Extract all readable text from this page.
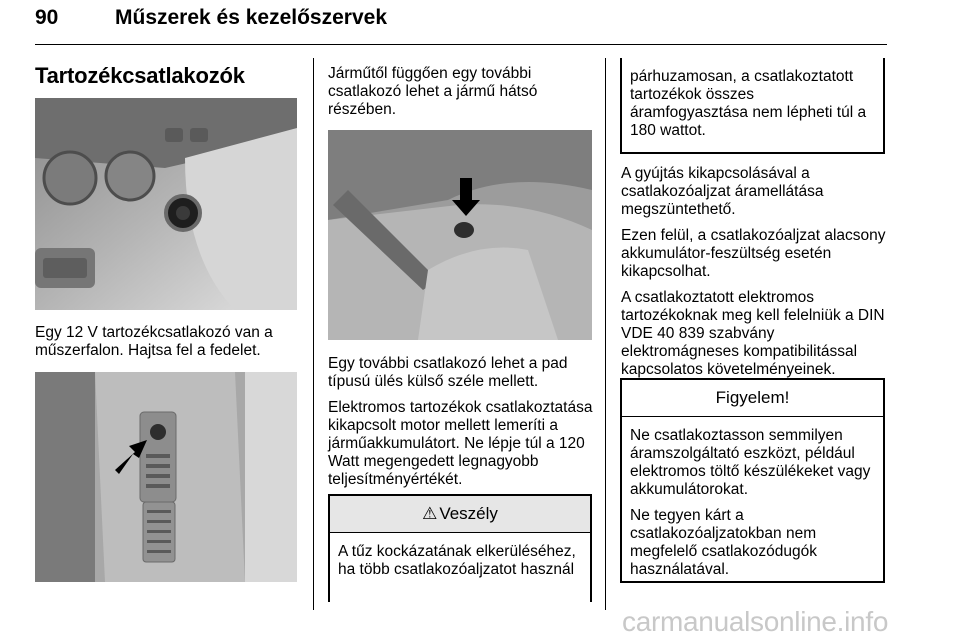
90	Műszerek és kezelőszervek
Tartozékcsatlakozók

Egy 12 V tartozékcsatlakozó van a műszerfalon. Hajtsa fel a fedelet.

Járműtől függően egy további csatlakozó lehet a jármű hátsó részében.

Egy további csatlakozó lehet a pad típusú ülés külső széle mellett.

Elektromos tartozékok csatlakoztatása kikapcsolt motor mellett lemeríti a járműakkumulátort. Ne lépje túl a 120 Watt megengedett legnagyobb teljesítményértékét.

⚠ Veszély

A tűz kockázatának elkerüléséhez, ha több csatlakozóaljzatot használ

párhuzamosan, a csatlakoztatott tartozékok összes áramfogyasztása nem lépheti túl a 180 wattot.

A gyújtás kikapcsolásával a csatlakozóaljzat áramellátása megszüntethető.

Ezen felül, a csatlakozóaljzat alacsony akkumulátor-feszültség esetén kikapcsolhat.

A csatlakoztatott elektromos tartozékoknak meg kell felelniük a DIN VDE 40 839 szabvány elektromágneses kompatibilitással kapcsolatos követelményeinek.

Figyelem!

Ne csatlakoztasson semmilyen áramszolgáltató eszközt, például elektromos töltő készülékeket vagy akkumulátorokat.

Ne tegyen kárt a csatlakozóaljzatokban nem megfelelő csatlakozódugók használatával.

carmanualsonline.info
